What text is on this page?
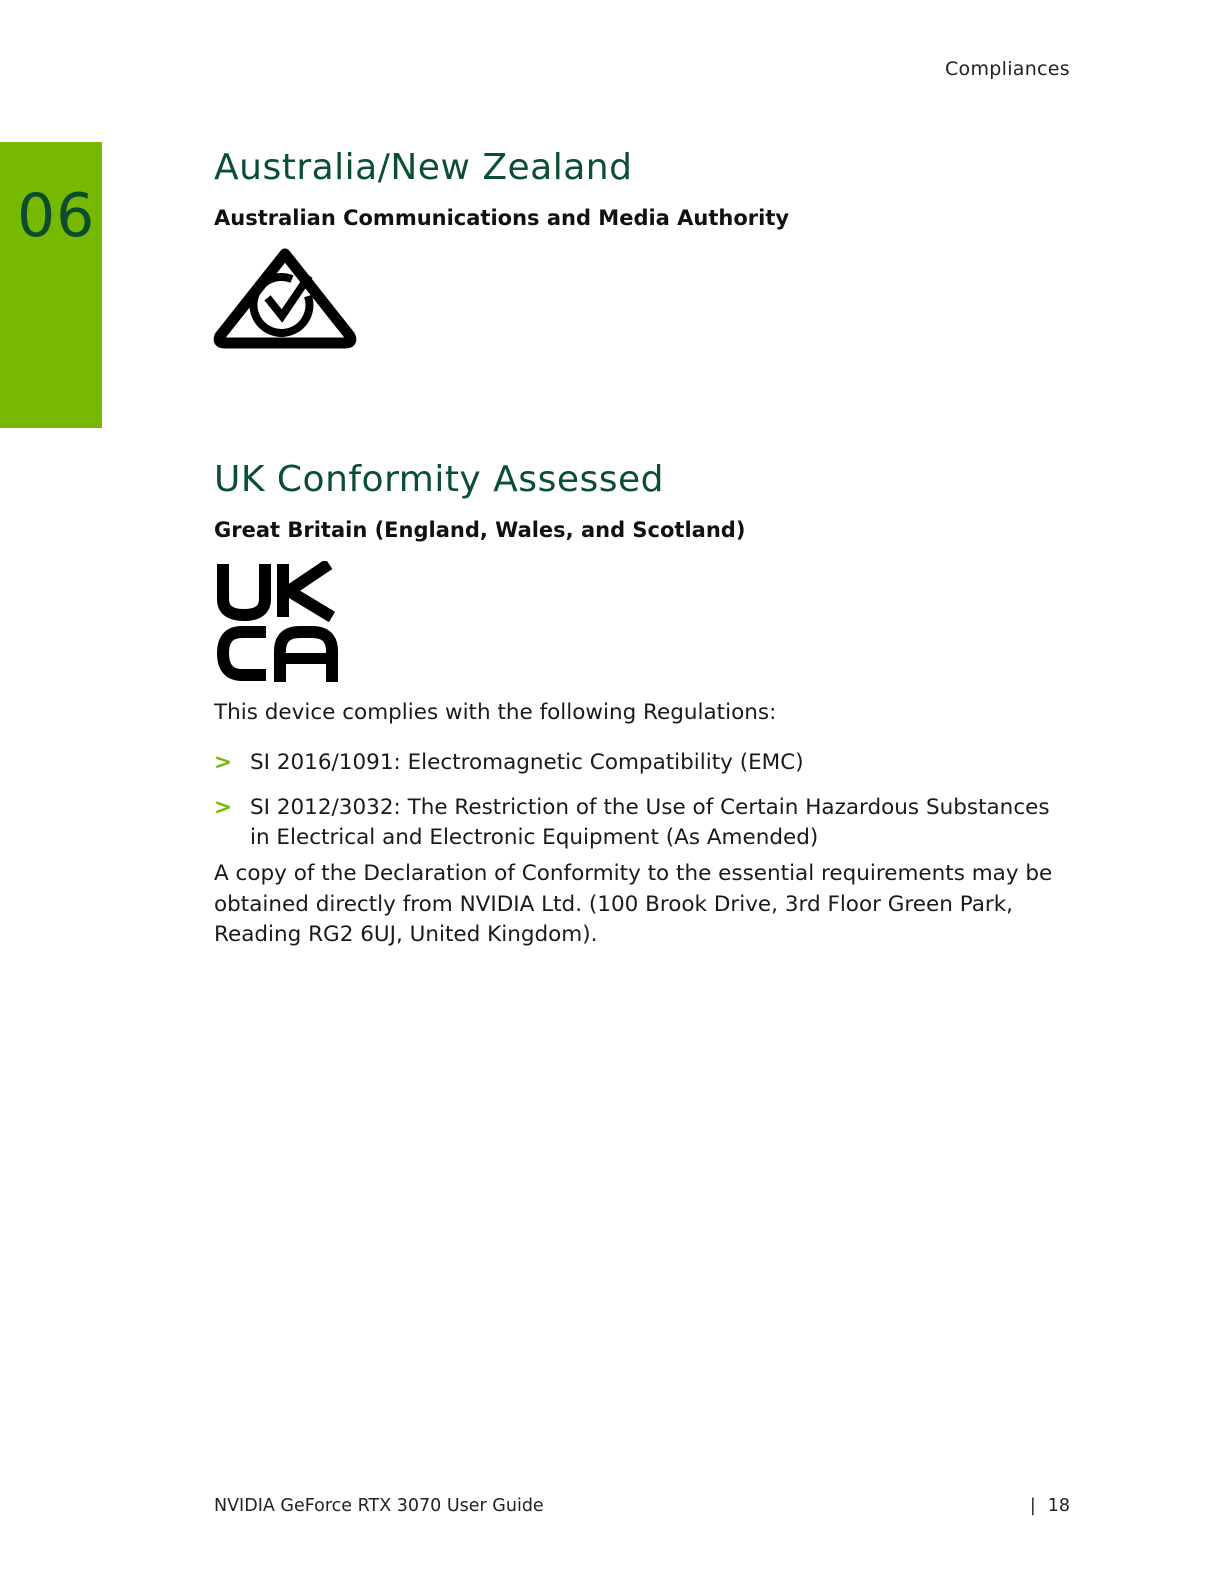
Compliances
06
Australia/New Zealand
Australian Communications and Media Authority
UK Conformity Assessed
Great Britain (England, Wales, and Scotland)

This device complies with the following Regulations:

> SI 2016/1091: Electromagnetic Compatibility (EMC)
> SI 2012/3032: The Restriction of the Use of Certain Hazardous Substances in Electrical and Electronic Equipment (As Amended)

A copy of the Declaration of Conformity to the essential requirements may be obtained directly from NVIDIA Ltd. (100 Brook Drive, 3rd Floor Green Park, Reading RG2 6UJ, United Kingdom).

NVIDIA GeForce RTX 3070 User Guide	| 18
